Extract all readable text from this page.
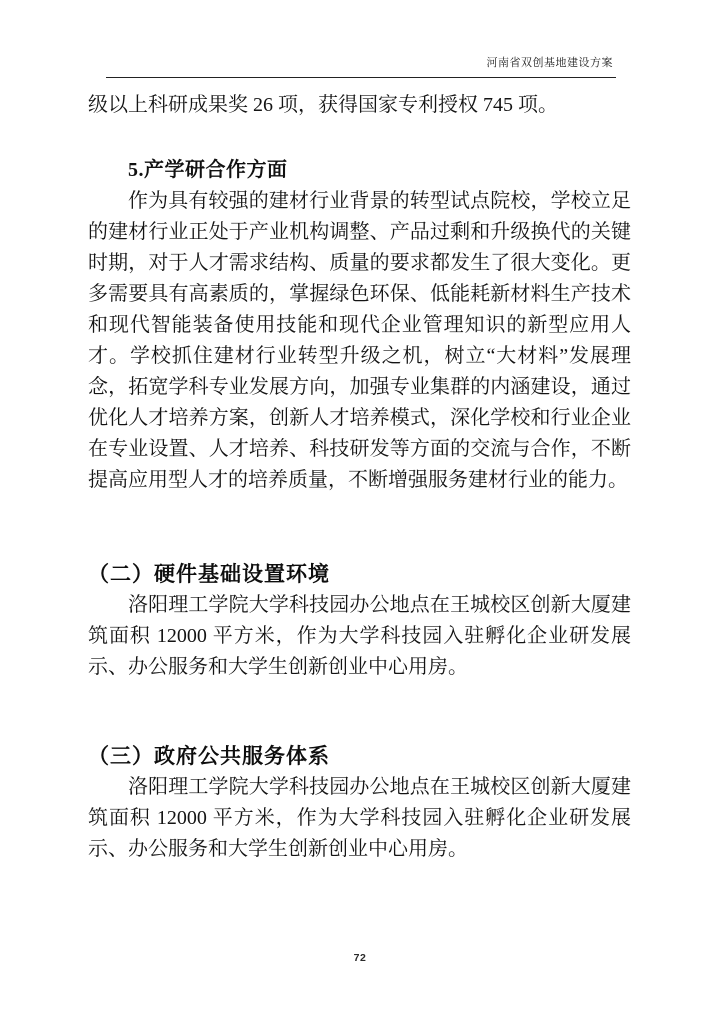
河南省双创基地建设方案

级以上科研成果奖 26 项，获得国家专利授权 745 项。

5.产学研合作方面

作为具有较强的建材行业背景的转型试点院校，学校立足的建材行业正处于产业机构调整、产品过剩和升级换代的关键时期，对于人才需求结构、质量的要求都发生了很大变化。更多需要具有高素质的，掌握绿色环保、低能耗新材料生产技术和现代智能装备使用技能和现代企业管理知识的新型应用人才。学校抓住建材行业转型升级之机，树立“大材料”发展理念，拓宽学科专业发展方向，加强专业集群的内涵建设，通过优化人才培养方案，创新人才培养模式，深化学校和行业企业在专业设置、人才培养、科技研发等方面的交流与合作，不断提高应用型人才的培养质量，不断增强服务建材行业的能力。

（二）硬件基础设置环境

洛阳理工学院大学科技园办公地点在王城校区创新大厦建筑面积 12000 平方米，作为大学科技园入驻孵化企业研发展示、办公服务和大学生创新创业中心用房。

（三）政府公共服务体系

洛阳理工学院大学科技园办公地点在王城校区创新大厦建筑面积 12000 平方米，作为大学科技园入驻孵化企业研发展示、办公服务和大学生创新创业中心用房。

72
